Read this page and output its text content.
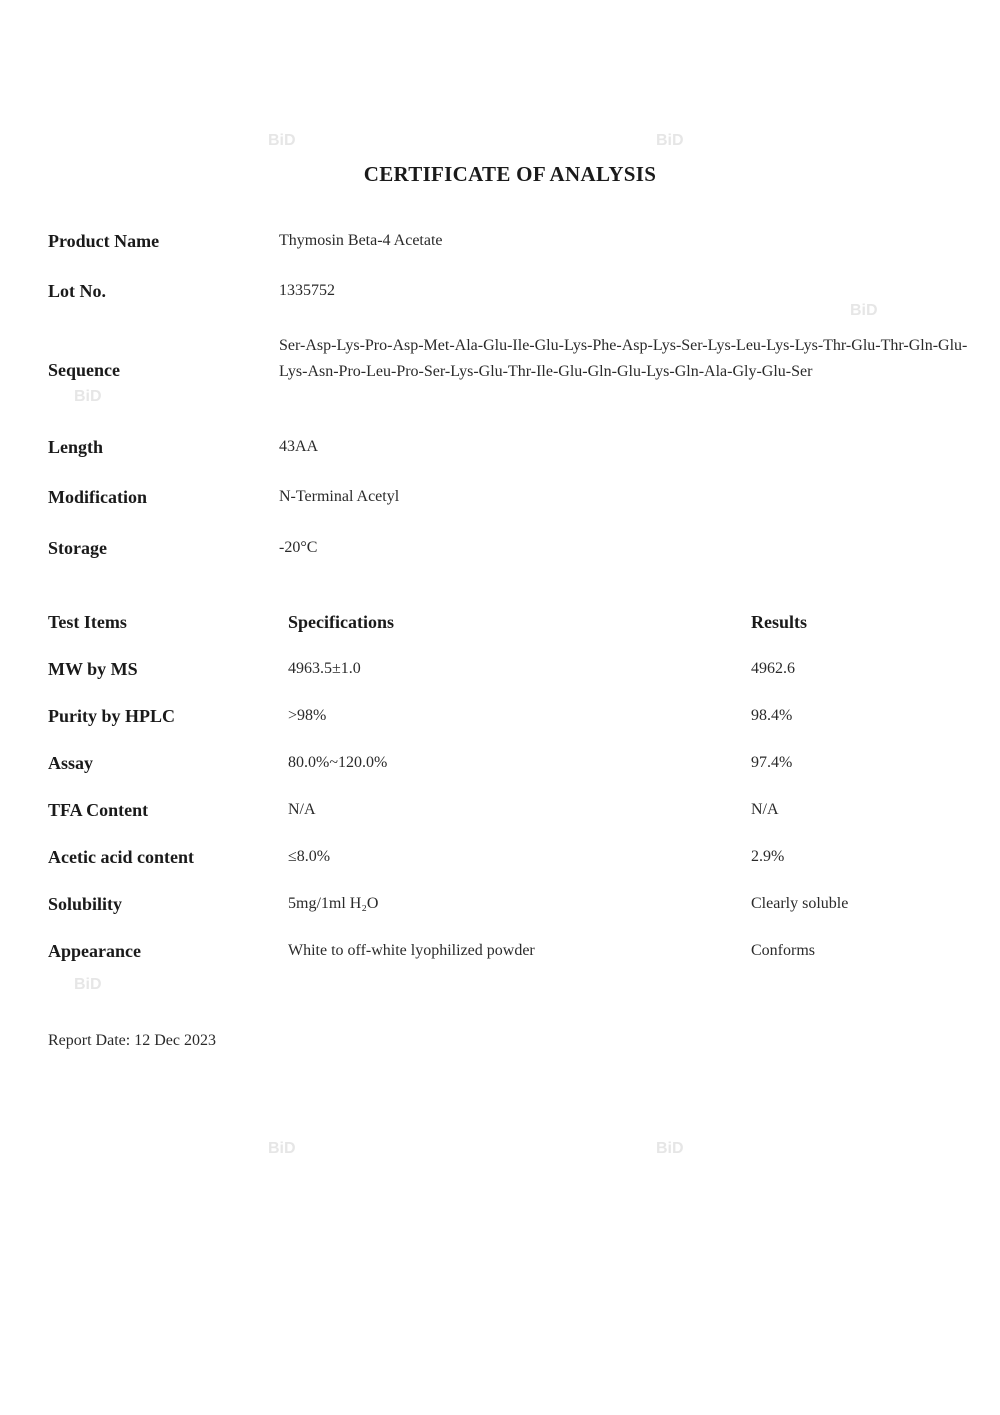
BiD	BiD
BiD
BiD
BiD
BiD	BiD
CERTIFICATE OF ANALYSIS
Product Name	Thymosin Beta-4 Acetate
Lot No.	1335752
Sequence
Ser-Asp-Lys-Pro-Asp-Met-Ala-Glu-Ile-Glu-Lys-Phe-Asp-Lys-Ser-Lys-Leu-Lys-Lys-Thr-Glu-Thr-Gln-Glu-Lys-Asn-Pro-Leu-Pro-Ser-Lys-Glu-Thr-Ile-Glu-Gln-Glu-Lys-Gln-Ala-Gly-Glu-Ser
Length	43AA
Modification	N-Terminal Acetyl
Storage	-20°C
Test Items	Specifications	Results
MW by MS	4963.5±1.0	4962.6
Purity by HPLC	>98%	98.4%
Assay	80.0%~120.0%	97.4%
TFA Content	N/A	N/A
Acetic acid content	≤8.0%	2.9%
Solubility	5mg/1ml H₂O	Clearly soluble
Appearance	White to off-white lyophilized powder	Conforms
Report Date: 12 Dec 2023
